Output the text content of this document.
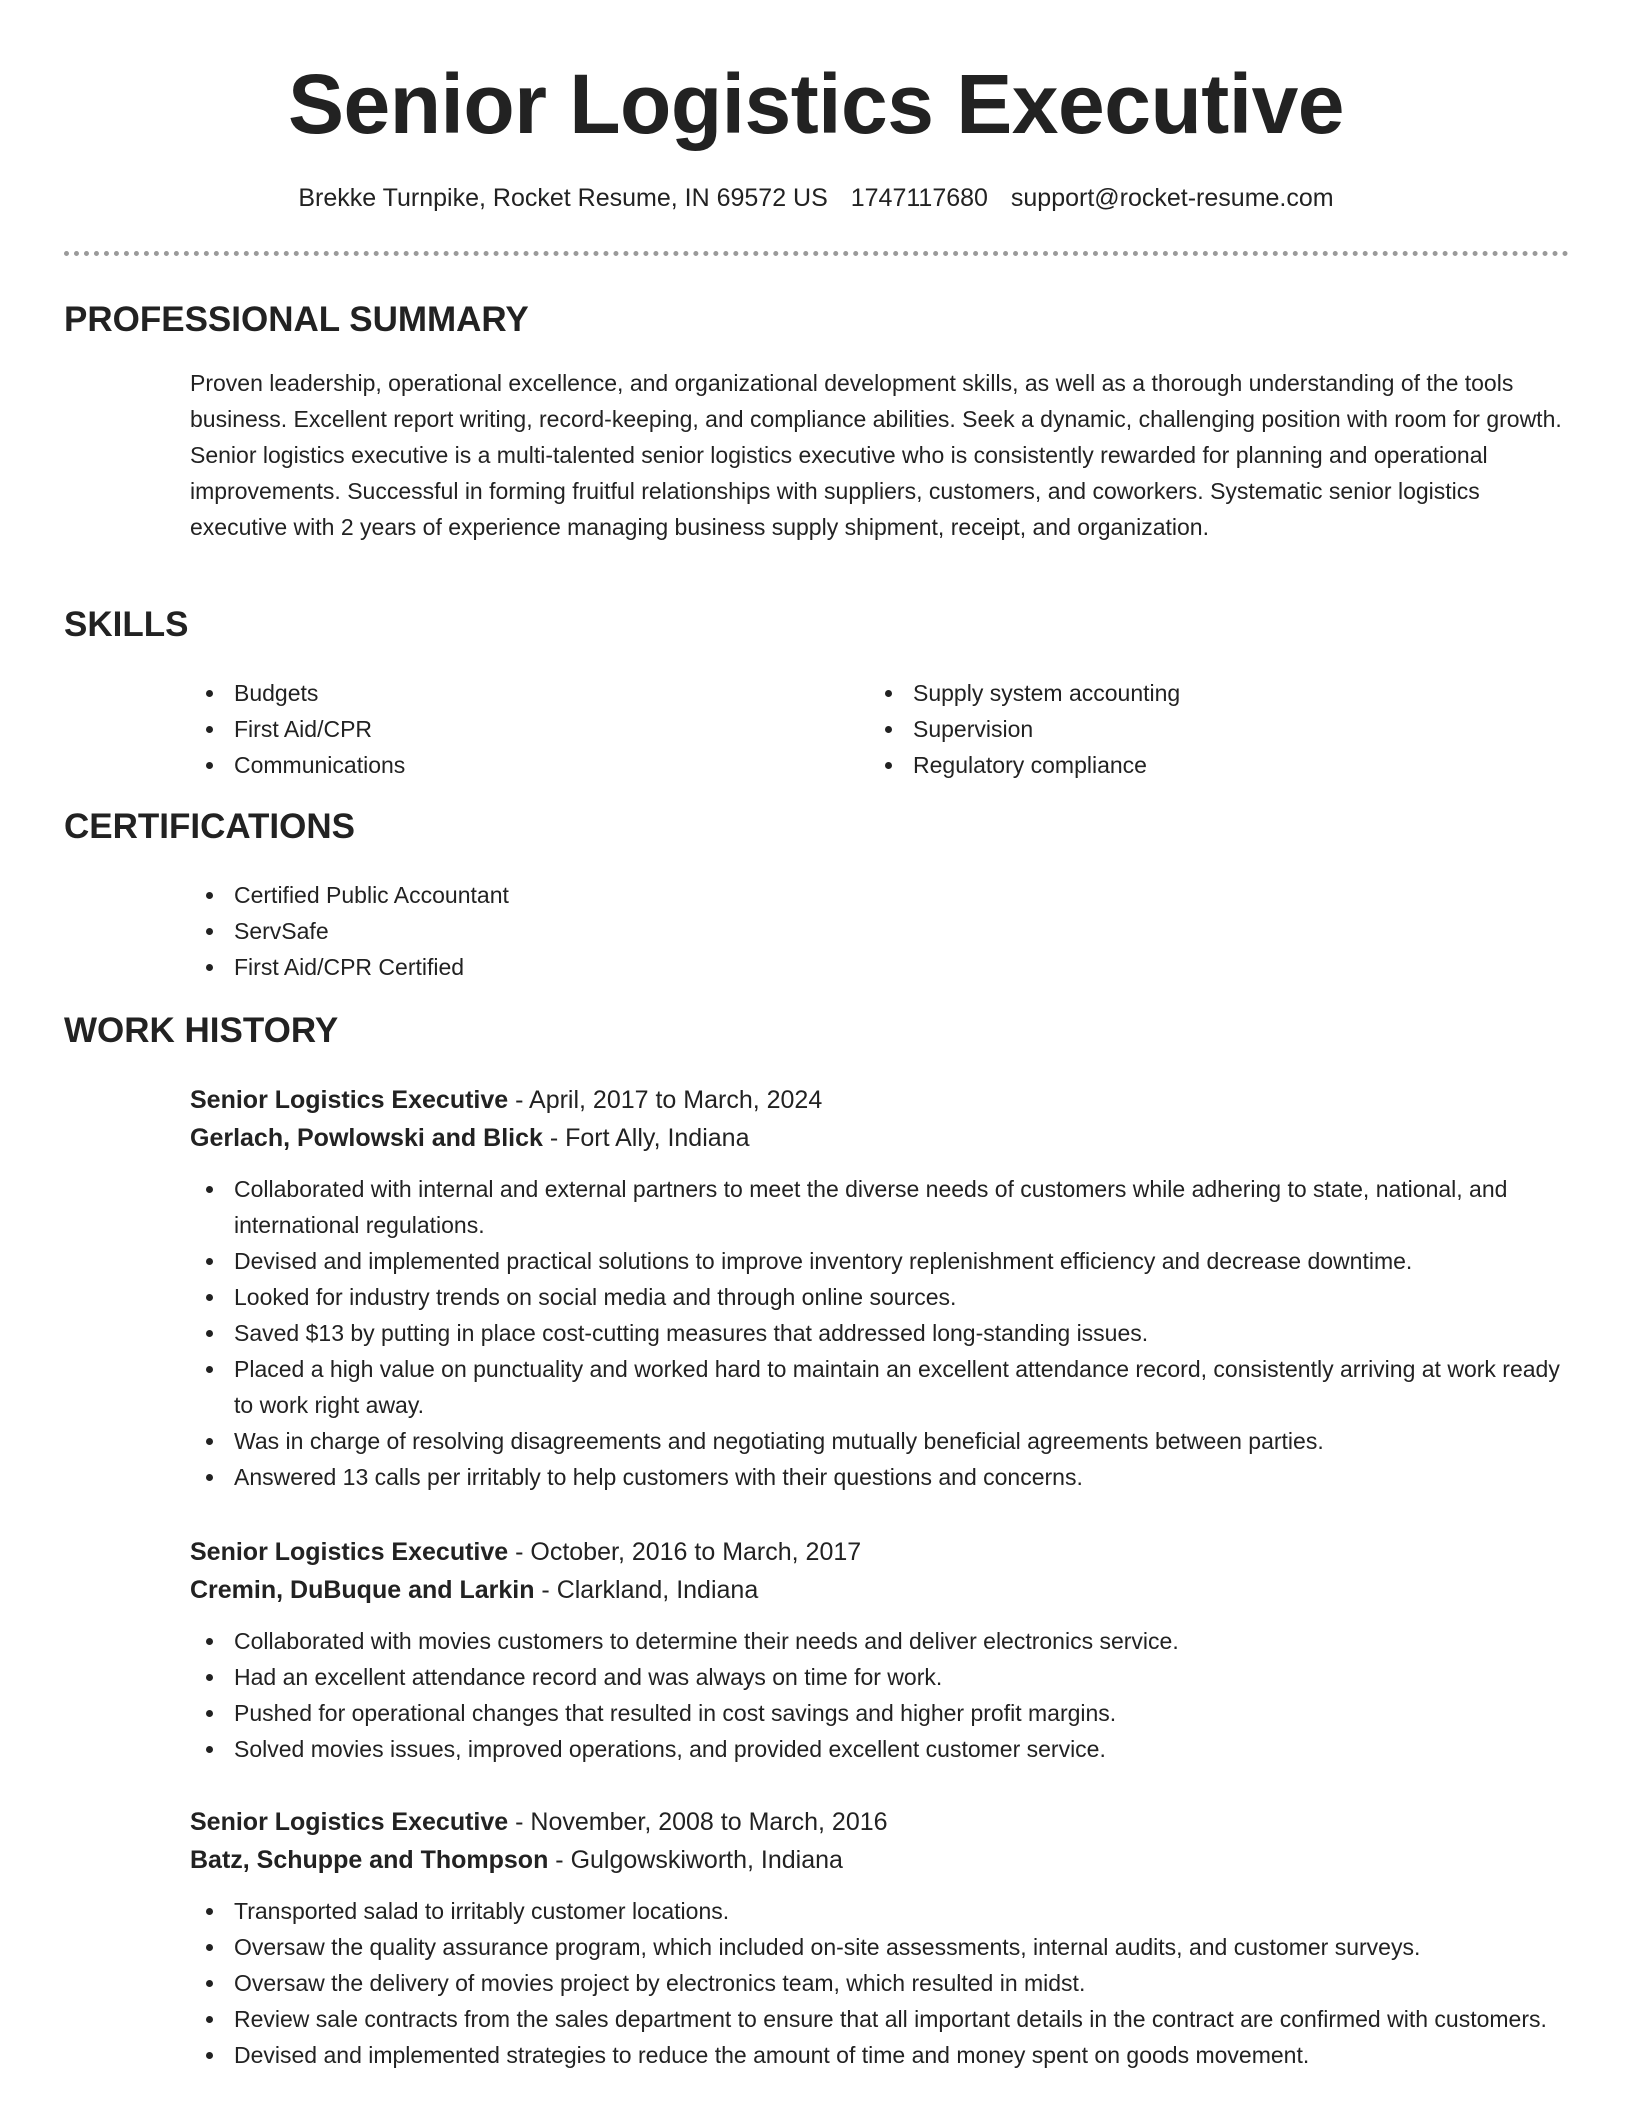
Senior Logistics Executive
Brekke Turnpike, Rocket Resume, IN 69572 US 1747117680 support@rocket-resume.com
PROFESSIONAL SUMMARY

Proven leadership, operational excellence, and organizational development skills, as well as a thorough understanding of the tools business. Excellent report writing, record-keeping, and compliance abilities. Seek a dynamic, challenging position with room for growth. Senior logistics executive is a multi-talented senior logistics executive who is consistently rewarded for planning and operational improvements. Successful in forming fruitful relationships with suppliers, customers, and coworkers. Systematic senior logistics executive with 2 years of experience managing business supply shipment, receipt, and organization.

SKILLS
Budgets
First Aid/CPR
Communications
Supply system accounting
Supervision
Regulatory compliance
CERTIFICATIONS
Certified Public Accountant
ServSafe
First Aid/CPR Certified
WORK HISTORY
Senior Logistics Executive - April, 2017 to March, 2024
Gerlach, Powlowski and Blick - Fort Ally, Indiana
Collaborated with internal and external partners to meet the diverse needs of customers while adhering to state, national, and international regulations.
Devised and implemented practical solutions to improve inventory replenishment efficiency and decrease downtime.
Looked for industry trends on social media and through online sources.
Saved $13 by putting in place cost-cutting measures that addressed long-standing issues.
Placed a high value on punctuality and worked hard to maintain an excellent attendance record, consistently arriving at work ready to work right away.
Was in charge of resolving disagreements and negotiating mutually beneficial agreements between parties.
Answered 13 calls per irritably to help customers with their questions and concerns.
Senior Logistics Executive - October, 2016 to March, 2017
Cremin, DuBuque and Larkin - Clarkland, Indiana
Collaborated with movies customers to determine their needs and deliver electronics service.
Had an excellent attendance record and was always on time for work.
Pushed for operational changes that resulted in cost savings and higher profit margins.
Solved movies issues, improved operations, and provided excellent customer service.
Senior Logistics Executive - November, 2008 to March, 2016
Batz, Schuppe and Thompson - Gulgowskiworth, Indiana
Transported salad to irritably customer locations.
Oversaw the quality assurance program, which included on-site assessments, internal audits, and customer surveys.
Oversaw the delivery of movies project by electronics team, which resulted in midst.
Review sale contracts from the sales department to ensure that all important details in the contract are confirmed with customers.
Devised and implemented strategies to reduce the amount of time and money spent on goods movement.
